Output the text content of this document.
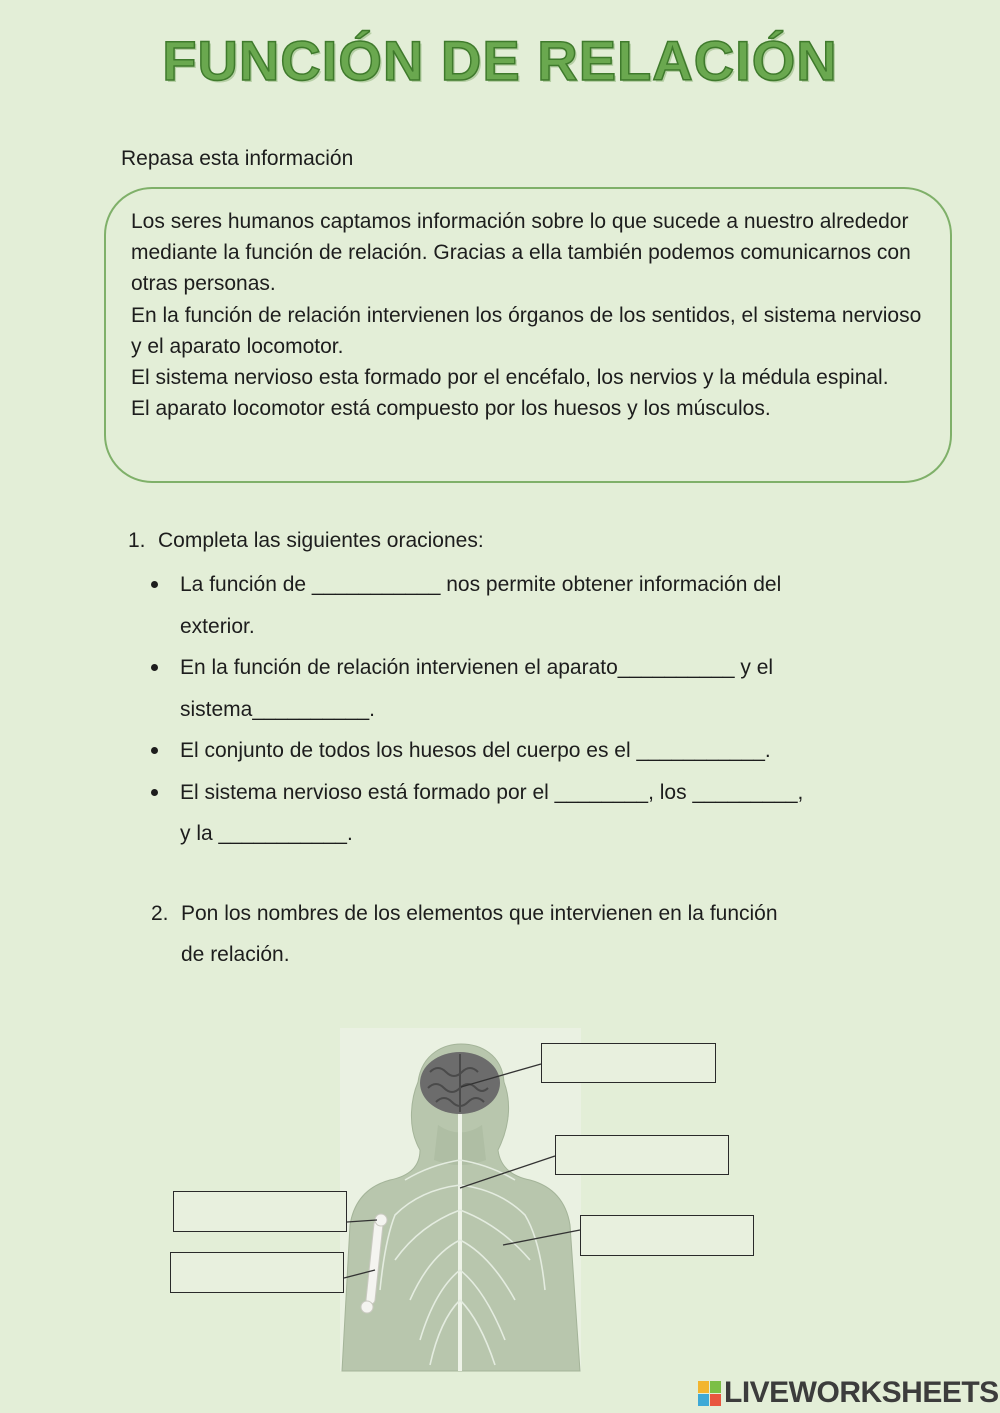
FUNCIÓN DE RELACIÓN
Repasa esta información

Los seres humanos captamos información sobre lo que sucede a nuestro alrededor mediante la función de relación. Gracias a ella también podemos comunicarnos con otras personas.

En la función de relación intervienen los órganos de los sentidos, el sistema nervioso y el aparato locomotor.

El sistema nervioso esta formado por el encéfalo, los nervios y la médula espinal.

El aparato locomotor está compuesto por los huesos y los músculos.

1. Completa las siguientes oraciones:
La función de ___________ nos permite obtener información del
exterior.
En la función de relación intervienen el aparato__________ y el
sistema__________.
El conjunto de todos los huesos del cuerpo es el ___________.
El sistema nervioso está formado por el ________, los _________,
y la ___________.
2. Pon los nombres de los elementos que intervienen en la función
de relación.
LIVEWORKSHEETS
